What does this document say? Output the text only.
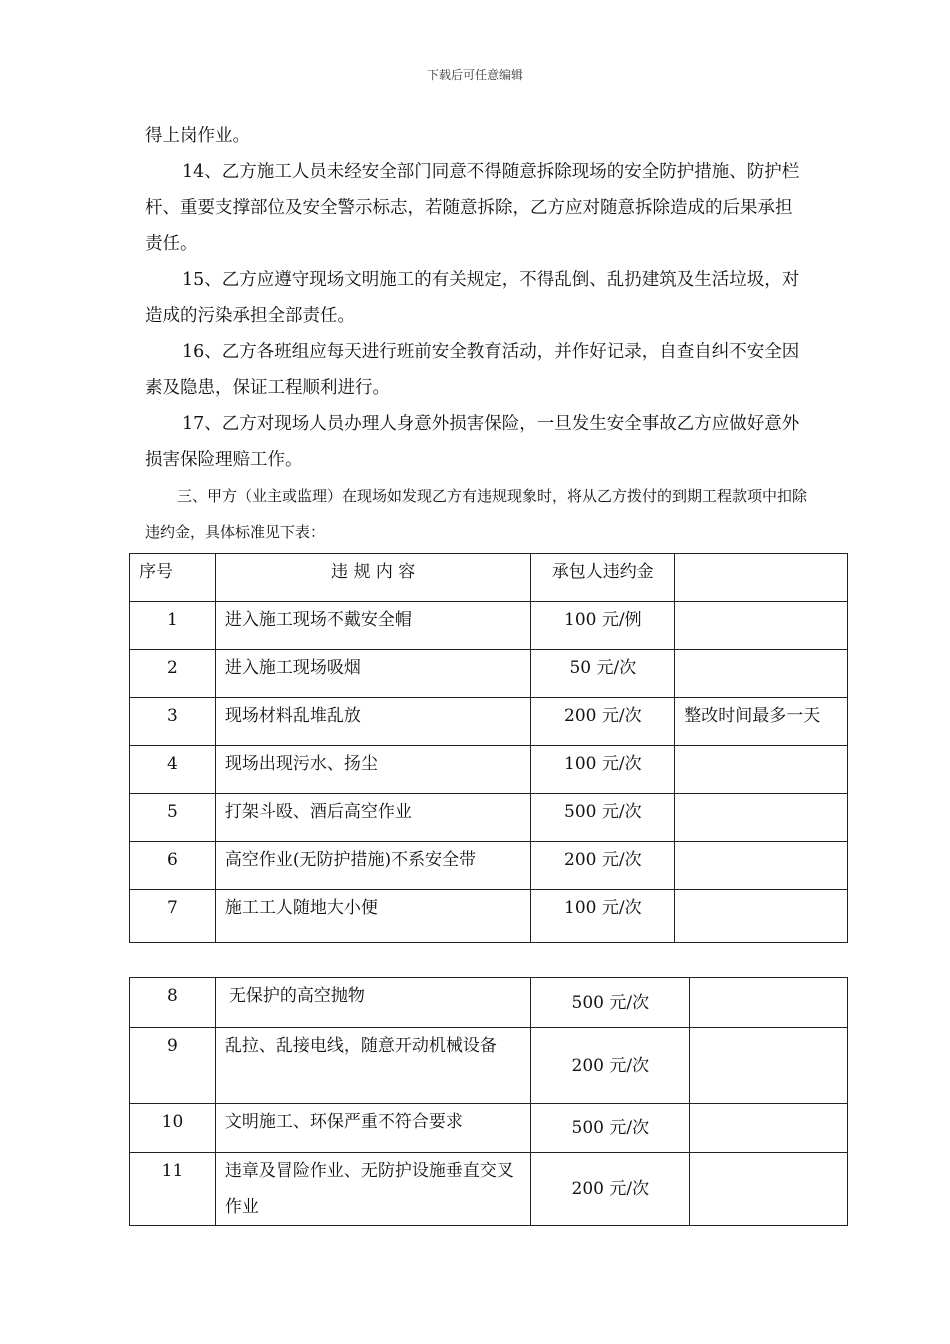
下载后可任意编辑

得上岗作业。

14、乙方施工人员未经安全部门同意不得随意拆除现场的安全防护措施、防护栏杆、重要支撑部位及安全警示标志，若随意拆除，乙方应对随意拆除造成的后果承担责任。

15、乙方应遵守现场文明施工的有关规定，不得乱倒、乱扔建筑及生活垃圾，对造成的污染承担全部责任。

16、乙方各班组应每天进行班前安全教育活动，并作好记录，自查自纠不安全因素及隐患，保证工程顺利进行。

17、乙方对现场人员办理人身意外损害保险，一旦发生安全事故乙方应做好意外损害保险理赔工作。

三、甲方（业主或监理）在现场如发现乙方有违规现象时，将从乙方拨付的到期工程款项中扣除违约金，具体标准见下表：

序号	违 规 内 容	承包人违约金	
1	进入施工现场不戴安全帽	100 元/例	
2	进入施工现场吸烟	50 元/次	
3	现场材料乱堆乱放	200 元/次	整改时间最多一天
4	现场出现污水、扬尘	100 元/次	
5	打架斗殴、酒后高空作业	500 元/次	
6	高空作业(无防护措施)不系安全带	200 元/次	
7	施工工人随地大小便	100 元/次	
8	无保护的高空抛物	500 元/次	
9	乱拉、乱接电线，随意开动机械设备	200 元/次	
10	文明施工、环保严重不符合要求	500 元/次	
11	违章及冒险作业、无防护设施垂直交叉作业	200 元/次	
